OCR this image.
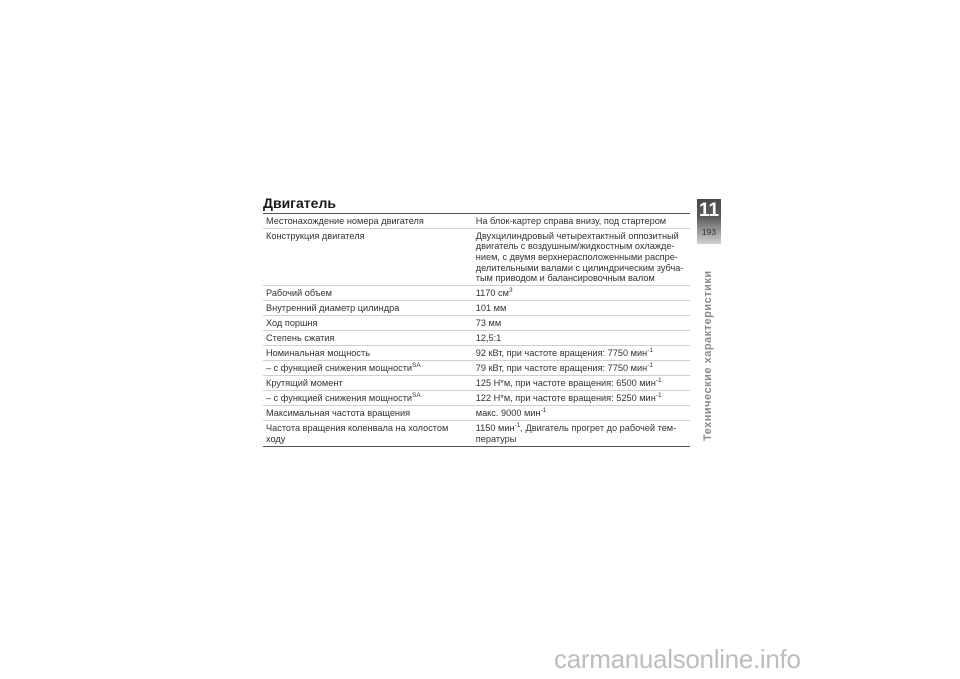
Двигатель
Местонахождение номера двигателя	На блок-картер справа внизу, под стартером
Конструкция двигателя	Двухцилиндровый четырехтактный оппозитный двигатель с воздушным/жидкостным охлажде-нием, с двумя верхнерасположенными распре-делительными валами с цилиндрическим зубча-тым приводом и балансировочным валом
Рабочий объем	1170 $см^3$
Внутренний диаметр цилиндра	101 мм
Ход поршня	73 мм
Степень сжатия	12,5:1
Номинальная мощность	92 кВт, при частоте вращения: 7750 мин$^{-1}$
– с функцией снижения мощности$^{SA}$	79 кВт, при частоте вращения: 7750 мин$^{-1}$
Крутящий момент	125 Н*м, при частоте вращения: 6500 мин$^{-1}$
– с функцией снижения мощности$^{SA}$	122 Н*м, при частоте вращения: 5250 мин$^{-1}$
Максимальная частота вращения	макс. 9000 мин$^{-1}$
Частота вращения коленвала на холостом ходу	1150 мин$^{-1}$, Двигатель прогрет до рабочей тем-пературы
11
193
Технические характеристики
carmanualsonline.info
